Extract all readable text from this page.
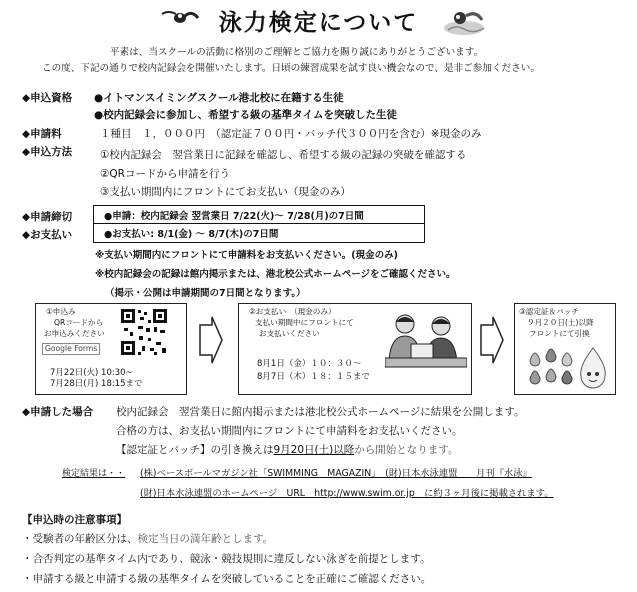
泳力検定について
平素は、当スクールの活動に格別のご理解とご協力を賜り誠にありがとうございます。
この度、下記の通りで校内記録会を開催いたします。日頃の練習成果を試す良い機会なので、是非ご参加ください。
◆申込資格 ●イトマンスイミングスクール港北校に在籍する生徒
●校内記録会に参加し、希望する級の基準タイムを突破した生徒
◆申請料	１種目　１，０００円　（認定証７００円・バッチ代３００円を含む）※現金のみ
◆申込方法	①校内記録会　翌営業日に記録を確認し、希望する級の記録の突破を確認する
②QRコードから申請を行う
③支払い期間内にフロントにてお支払い（現金のみ）
◆申請締切	●申請：校内記録会 翌営業日 7/22(火)～ 7/28(月)の7日間
◆お支払い	●お支払い: 8/1(金) ～ 8/7(木)の7日間
※支払い期間内にフロントにて申請料をお支払いください。(現金のみ)
※校内記録会の記録は館内掲示または、港北校公式ホームページをご確認ください。
（掲示・公開は申請期間の7日間となります。）
①申込み
QRコードから
お申込みください
Google Forms
7月22日(火) 10:30~
7月28日(月) 18:15まで
②お支払い　（現金のみ）
支払い期間中にフロントにて
お支払いください
8月1日（金）１０：３０～
8月7日（木）１８：１５まで
③認定証＆バッチ
９月２０日(土)以降
フロントにて引換
◆申請した場合 校内記録会　翌営業日に館内掲示または港北校公式ホームページに結果を公開します。
合格の方は、お支払い期間内にフロントにて申請料をお支払いください。
【認定証とバッチ】の引き換えは9月20日(土)以降から開始となります。
検定結果は・・ (株)ベースボールマガジン社「SWIMMING　MAGAZIN」　(財)日本水泳連盟　　月刊『水泳』
(財)日本水泳連盟のホームページ　URL　http://www.swim.or.jp　に約３ヶ月後に掲載されます。
【申込時の注意事項】
・受験者の年齢区分は、検定当日の満年齢とします。
・合否判定の基準タイム内であり、競泳・競技規則に違反しない泳ぎを前提とします。
・申請する級と申請する級の基準タイムを突破していることを正確にご確認ください。
